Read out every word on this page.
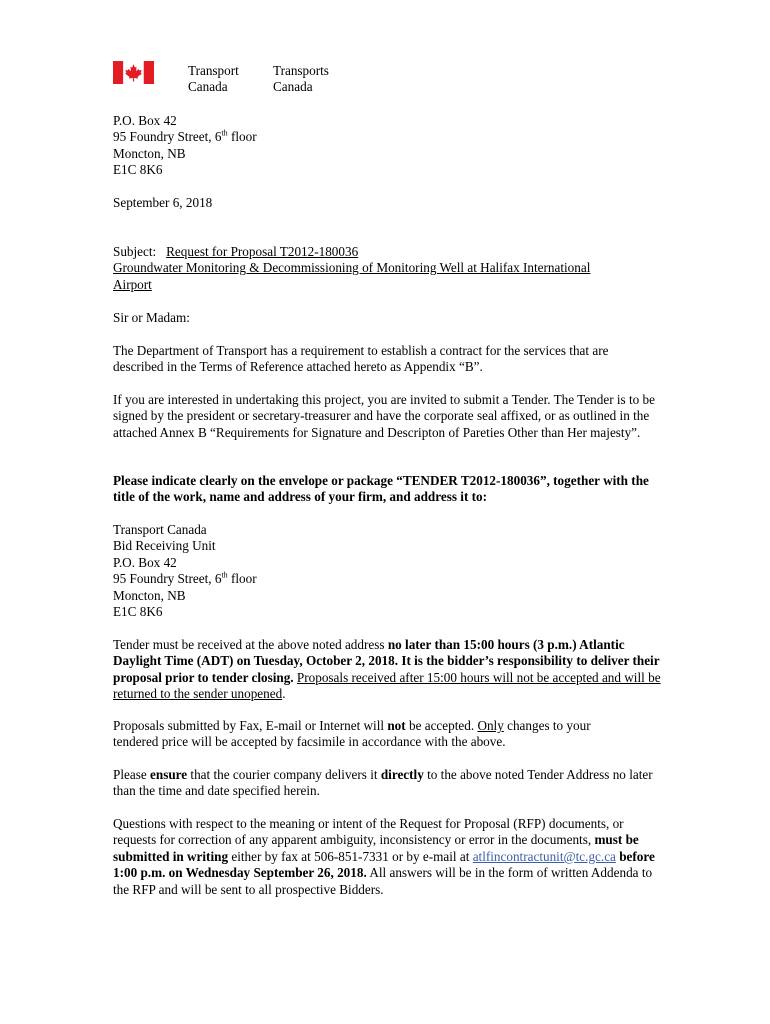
Transport

Canada

Transports

Canada

P.O. Box 42

95 Foundry Street, 6th floor

Moncton, NB

E1C 8K6

September 6, 2018

Subject: Request for Proposal T2012-180036

Groundwater Monitoring & Decommissioning of Monitoring Well at Halifax International

Airport

Sir or Madam:

The Department of Transport has a requirement to establish a contract for the services that are described in the Terms of Reference attached hereto as Appendix “B”.

If you are interested in undertaking this project, you are invited to submit a Tender. The Tender is to be signed by the president or secretary-treasurer and have the corporate seal affixed, or as outlined in the attached Annex B “Requirements for Signature and Descripton of Pareties Other than Her majesty”.

Please indicate clearly on the envelope or package “TENDER T2012-180036”, together with the title of the work, name and address of your firm, and address it to:

Transport Canada

Bid Receiving Unit

P.O. Box 42

95 Foundry Street, 6th floor

Moncton, NB

E1C 8K6

Tender must be received at the above noted address no later than 15:00 hours (3 p.m.) Atlantic Daylight Time (ADT) on Tuesday, October 2, 2018. It is the bidder’s responsibility to deliver their proposal prior to tender closing. Proposals received after 15:00 hours will not be accepted and will be returned to the sender unopened.

Proposals submitted by Fax, E-mail or Internet will not be accepted. Only changes to your tendered price will be accepted by facsimile in accordance with the above.

Please ensure that the courier company delivers it directly to the above noted Tender Address no later than the time and date specified herein.

Questions with respect to the meaning or intent of the Request for Proposal (RFP) documents, or requests for correction of any apparent ambiguity, inconsistency or error in the documents, must be submitted in writing either by fax at 506-851-7331 or by e-mail at atlfincontractunit@tc.gc.ca before 1:00 p.m. on Wednesday September 26, 2018. All answers will be in the form of written Addenda to the RFP and will be sent to all prospective Bidders.
